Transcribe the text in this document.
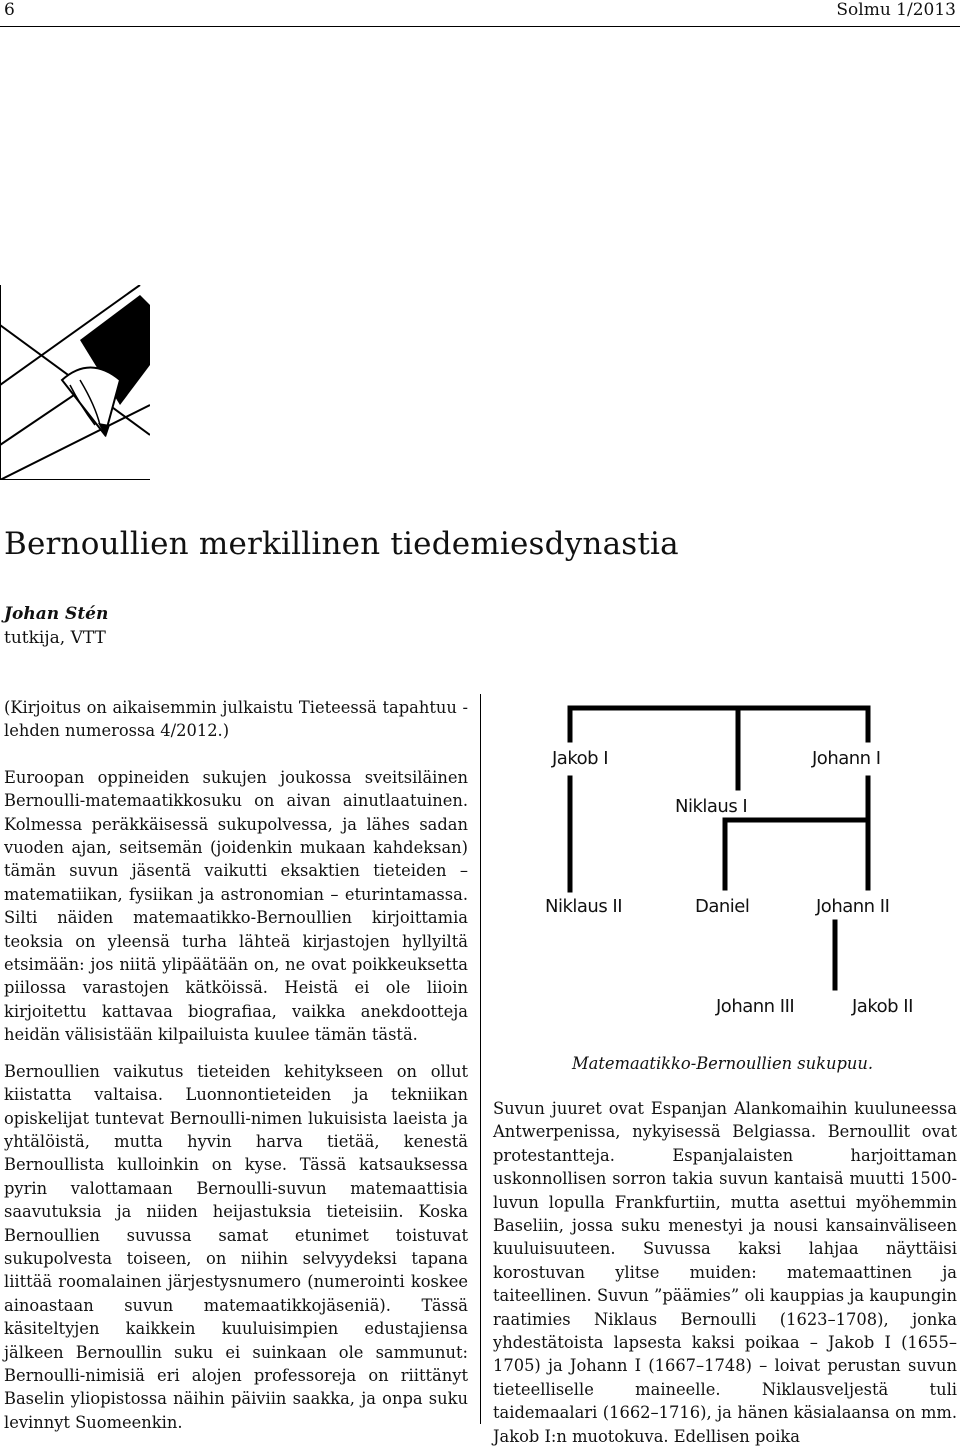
6	Solmu 1/2013
Bernoullien merkillinen tiedemiesdynastia
Johan Stén
tutkija, VTT

(Kirjoitus on aikaisemmin julkaistu Tieteessä tapahtuu -lehden numerossa 4/2012.)

Euroopan oppineiden sukujen joukossa sveitsiläinen Bernoulli-matemaatikkosuku on aivan ainutlaatuinen. Kolmessa peräkkäisessä sukupolvessa, ja lähes sadan vuoden ajan, seitsemän (joidenkin mukaan kahdeksan) tämän suvun jäsentä vaikutti eksaktien tieteiden – matematiikan, fysiikan ja astronomian – eturintamassa. Silti näiden matemaatikko-Bernoullien kirjoittamia teoksia on yleensä turha lähteä kirjastojen hyllyiltä etsimään: jos niitä ylipäätään on, ne ovat poikkeuksetta piilossa varastojen kätköissä. Heistä ei ole liioin kirjoitettu kattavaa biografiaa, vaikka anekdootteja heidän välisistään kilpailuista kuulee tämän tästä.

Bernoullien vaikutus tieteiden kehitykseen on ollut kiistatta valtaisa. Luonnontieteiden ja tekniikan opiskelijat tuntevat Bernoulli-nimen lukuisista laeista ja yhtälöistä, mutta hyvin harva tietää, kenestä Bernoullista kulloinkin on kyse. Tässä katsauksessa pyrin valottamaan Bernoulli-suvun matemaattisia saavutuksia ja niiden heijastuksia tieteisiin. Koska Bernoullien suvussa samat etunimet toistuvat sukupolvesta toiseen, on niihin selvyydeksi tapana liittää roomalainen järjestysnumero (numerointi koskee ainoastaan suvun matemaatikkojäseniä). Tässä käsiteltyjen kaikkein kuuluisimpien edustajiensa jälkeen Bernoullin suku ei suinkaan ole sammunut: Bernoulli-nimisiä eri alojen professoreja on riittänyt Baselin yliopistossa näihin päiviin saakka, ja onpa suku levinnyt Suomeenkin.

Jakob I
Niklaus I
Johann I
Niklaus II	Daniel	Johann II
Johann III	Jakob II
Matemaatikko-Bernoullien sukupuu.

Suvun juuret ovat Espanjan Alankomaihin kuuluneessa Antwerpenissa, nykyisessä Belgiassa. Bernoullit ovat protestantteja. Espanjalaisten harjoittaman uskonnollisen sorron takia suvun kantaisä muutti 1500-luvun lopulla Frankfurtiin, mutta asettui myöhemmin Baseliin, jossa suku menestyi ja nousi kansainväliseen kuuluisuuteen. Suvussa kaksi lahjaa näyttäisi korostuvan ylitse muiden: matemaattinen ja taiteellinen. Suvun ”päämies” oli kauppias ja kaupungin raatimies Niklaus Bernoulli (1623–1708), jonka yhdestätoista lapsesta kaksi poikaa – Jakob I (1655–1705) ja Johann I (1667–1748) – loivat perustan suvun tieteelliselle maineelle. Niklausveljestä tuli taidemaalari (1662–1716), ja hänen käsialaansa on mm. Jakob I:n muotokuva. Edellisen poika
